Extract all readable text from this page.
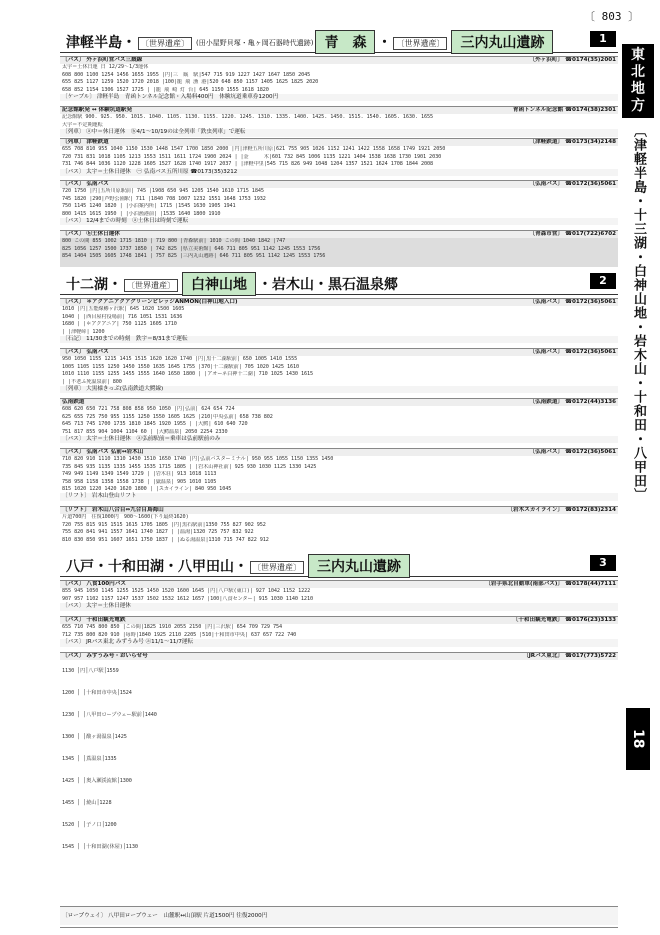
〔 803 〕
東
北
地
方
〔津軽半島・十三湖・白神山地・岩木山・十和田・八甲田〕
18
津軽半島・ 〔世界遺産〕 (田小屋野貝塚・亀ヶ岡石器時代遺跡) 青　森 ・ 〔世界遺産〕 三内丸山遺跡	1
〔バス〕 外ヶ浜町営バス三厩線	〔外ヶ浜町〕 ☎0174(35)2001
太宇＝土休日運 日 12/29〜1/3運休
608 800 1100 1254 1456 1655 1955 │円│三　厩　駅│547 715 919 1227 1427 1647 1850 2045
655 825 1127 1259 1520 1720 2018 │100│龍 飛 漁 港│520 648 850 1157 1405 1625 1825 2020
658 852 1154 1306 1527 1725 │ │龍 飛 崎 灯 台│ 645 1150 1555 1618 1820
〔ケーブル〕 津軽半島　青函トンネル記念館・入場料400円　体験坑道乗車券1200円
記念館駅発 ↔ 体験坑道駅発	青函トンネル記念館 ☎0174(38)2301
記念館駅 900. 925. 950. 1015. 1040. 1105. 1130. 1155. 1220. 1245. 1310. 1335. 1400. 1425. 1450. 1515. 1540. 1605. 1630. 1655
大宇＝不定期運転
〔列車〕 ⓐ中＝休日運休　ⓑ4/1〜10/19のは全列車「鉄虫列車」で運転
〔列車〕 津軽鉄道	〔津軽鉄道〕 ☎0173(34)2148
655 708 810 955 1040 1150 1530 1448 1547 1700 1850 2000 │円│津軽五所川原│621 755 905 1026 1152 1241 1422 1558 1658 1749 1921 2050
720 731 831 1018 1105 1213 1553 1511 1611 1724 1900 2024 │ │金　　　木│601 732 845 1006 1135 1221 1404 1538 1638 1730 1901 2030
731 746 844 1036 1120 1228 1605 1527 1628 1740 1917 2037 │ │津軽中里│545 715 826 949 1048 1204 1357 1521 1624 1708 1844 2008
〔バス〕 太宇＝土休日運休　㊀ 弘南バス五所川原 ☎0173(35)3212
〔バス〕 弘南バス	〔弘南バス〕 ☎0172(36)5061
720 1750 │円│五所川原駅前│ 745 │1908 650 945 1205 1540 1610 1715 1845
745 1820 │290│芦野公園駅│ 711 │1840 708 1007 1232 1551 1648 1753 1932
750 1145 1240 1820 │ │小泊案内所│ 1715 │1545 1630 1905 1941
800 1415 1615 1950 │ │小泊漁港前│ │1535 1640 1800 1910
〔バス〕 12/4までの時刻　ⓐ土休日は時刻で運転
〔バス〕 ⓑ土休日運休	〔青森市営〕 ☎017(722)6702
800 この間 855 1002 1715 1810 │ 719 800 │青森駅前│ 1010 この間 1040 1842 │747
825 1056 1257 1500 1737 1850 │ 742 825 │県立美術館│ 646 711 805 951 1142 1245 1553 1756
854 1404 1505 1605 1748 1841 │ 757 825 │三内丸山遺跡│ 646 711 805 951 1142 1245 1553 1756
十二湖・ 〔世界遺産〕 白神山地 ・岩木山・黒石温泉郷	2
〔バス〕 ＊アクアニアクアグリーンビレッジANMON(白神山地入口)	〔弘南バス〕 ☎0172(36)5061
1010 │円│五能線鯵ヶ沢駅│ 645 1020 1500 1605
1040 │ │西目屋村役場前│ 716 1051 1531 1636
1680 │ │＊アクアニア│ 750 1125 1605 1710
│ │津軽峠│ 1200
〔石記〕 11/30までの時刻　鉄宇＝8/31まで運転
〔バス〕 弘南バス	〔弘南バス〕 ☎0172(36)5061
950 1050 1155 1215 1415 1515 1620 1620 1740 │円│黒十二湖駅前│ 650 1005 1410 1555
1005 1105 1155 1250 1450 1550 1635 1645 1755 │370│十二湖駅前│ 705 1020 1425 1610
1010 1110 1155 1255 1455 1555 1640 1650 1800 │ │アオーネ白神十二湖│ 710 1025 1430 1615
│ │不老ふ死温泉前│ 800
〔列車〕 大黒様きっぷ(弘南鉄道大鰐線)
弘南鉄道	〔弘南鉄道〕 ☎0172(44)3136
608 620 650 721 758 808 858 950 1050 │円│弘前│ 624 654 724
625 655 725 750 955 1155 1250 1550 1605 1625 │210│中央弘前│ 658 738 802
645 713 745 1700 1735 1810 1845 1920 1955 │ │大鰐│ 610 640 720
751 817 855 904 1004 1104 60 │ │大鰐温泉│ 2050 2254 2330
〔バス〕 太宇＝土休日運休　ⓐ弘前駅前＝乗車は弘前駅前のみ
〔バス〕 弘南バス 弘前↔岩木山	〔弘南バス〕 ☎0172(36)5061
710 820 910 1110 1310 1430 1510 1650 1740 │円│弘前バスターミナル│ 950 955 1055 1150 1355 1450
735 845 935 1135 1335 1455 1535 1715 1805 │ │岩木山神社前│ 925 930 1030 1125 1330 1425
749 949 1149 1349 1549 1729 │ │岩木荘│ 913 1018 1113
758 958 1158 1358 1558 1738 │ │嶽温泉│ 905 1010 1105
815 1020 1220 1420 1620 1800 │ │スカイライン│ 840 950 1045
〔リフト〕 岩木山登山リフト
〔リフト〕 岩木山八合目⇔九合目鳥海山	〔岩木スカイライン〕 ☎0172(83)2314
片道700円　往復1000円　900〜1600(下り最終1620)
720 755 815 915 1515 1615 1705 1805 │円│黒石駅前│1350 755 827 902 952
755 820 841 941 1557 1641 1740 1827 │ │温湯│1320 725 757 832 922
810 830 850 951 1607 1651 1750 1837 │ │ぬる湯温泉│1310 715 747 822 912
八戸・十和田湖・八甲田山・ 〔世界遺産〕 三内丸山遺跡	3
〔バス〕 八食100円バス	〔岩手県北自動車(南部バス)〕 ☎0178(44)7111
855 945 1050 1145 1255 1525 1450 1520 1600 1645 │円│八戸駅(東口)│ 927 1042 1152 1222
907 957 1102 1157 1247 1537 1502 1532 1612 1657 │100│八食センター│ 915 1030 1140 1210
〔バス〕 太宇＝土休日運休
〔バス〕 十和田観光電鉄	〔十和田観光電鉄〕 ☎0176(23)3133
655 710 745 800 850 │この間│1825 1910 2055 2150 │円│三沢駅│ 654 709 729 754
712 735 800 820 910 │毎時│1840 1925 2110 2205 │510│十和田市中央│ 637 657 722 740
〔バス〕 JRバス東北 みずうみ号 ⓐ11/1〜11/7運転
〔バス〕 みずうみ号・おいらせ号	〔JRバス東北〕 ☎017(773)5722
1130 │円│八戸駅│1559
1200 │ │十和田市中央│1524
1230 │ │八甲田ロープウェー駅前│1440
1300 │ │酸ヶ湯温泉│1425
1345 │ │蔦温泉│1335
1425 │ │奥入瀬渓流館│1300
1455 │ │焼山│1228
1520 │ │子ノ口│1200
1545 │ │十和田湖(休屋)│1130
〔ロープウェイ〕 八甲田ロープウェー　山麓駅↔山頂駅 片道1500円 往復2000円
